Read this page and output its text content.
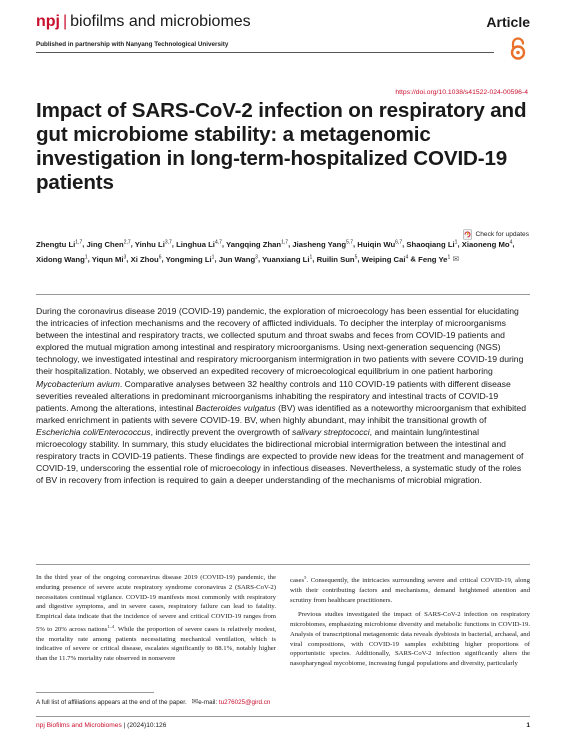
npj | biofilms and microbiomes	Article
Published in partnership with Nanyang Technological University
https://doi.org/10.1038/s41522-024-00596-4
Impact of SARS-CoV-2 infection on respiratory and gut microbiome stability: a metagenomic investigation in long-term-hospitalized COVID-19 patients
Check for updates
Zhengtu Li$^{1,7}$, Jing Chen$^{2,7}$, Yinhu Li$^{3,7}$, Linghua Li$^{4,7}$, Yangqing Zhan$^{1,7}$, Jiasheng Yang$^{5,7}$, Huiqin Wu$^{6,7}$, Shaoqiang Li$^1$, Xiaoneng Mo$^4$, Xidong Wang$^1$, Yiqun Mi$^3$, Xi Zhou$^6$, Yongming Li$^1$, Jun Wang$^3$, Yuanxiang Li$^1$, Ruilin Sun$^5$, Weiping Cai$^4$ & Feng Ye$^1$ ✉

During the coronavirus disease 2019 (COVID-19) pandemic, the exploration of microecology has been essential for elucidating the intricacies of infection mechanisms and the recovery of afflicted individuals. To decipher the interplay of microorganisms between the intestinal and respiratory tracts, we collected sputum and throat swabs and feces from COVID-19 patients and explored the mutual migration among intestinal and respiratory microorganisms. Using next-generation sequencing (NGS) technology, we investigated intestinal and respiratory microorganism intermigration in two patients with severe COVID-19 during their hospitalization. Notably, we observed an expedited recovery of microecological equilibrium in one patient harboring Mycobacterium avium. Comparative analyses between 32 healthy controls and 110 COVID-19 patients with different disease severities revealed alterations in predominant microorganisms inhabiting the respiratory and intestinal tracts of COVID-19 patients. Among the alterations, intestinal Bacteroides vulgatus (BV) was identified as a noteworthy microorganism that exhibited marked enrichment in patients with severe COVID-19. BV, when highly abundant, may inhibit the transitional growth of Escherichia coli/Enterococcus, indirectly prevent the overgrowth of salivary streptococci, and maintain lung/intestinal microecology stability. In summary, this study elucidates the bidirectional microbial intermigration between the intestinal and respiratory tracts in COVID-19 patients. These findings are expected to provide new ideas for the treatment and management of COVID-19, underscoring the essential role of microecology in infectious diseases. Nevertheless, a systematic study of the roles of BV in recovery from infection is required to gain a deeper understanding of the mechanisms of microbial migration.

In the third year of the ongoing coronavirus disease 2019 (COVID-19) pandemic, the enduring presence of severe acute respiratory syndrome coronavirus 2 (SARS-CoV-2) necessitates continual vigilance. COVID-19 manifests most commonly with respiratory and digestive symptoms, and in severe cases, respiratory failure can lead to fatality. Empirical data indicate that the incidence of severe and critical COVID-19 ranges from 5% to 20% across nations$^{1-4}$. While the proportion of severe cases is relatively modest, the mortality rate among patients necessitating mechanical ventilation, which is indicative of severe or critical disease, escalates significantly to 88.1%, notably higher than the 11.7% mortality rate observed in nonsevere

cases$^5$. Consequently, the intricacies surrounding severe and critical COVID-19, along with their contributing factors and mechanisms, demand heightened attention and scrutiny from healthcare practitioners.
Previous studies investigated the impact of SARS-CoV-2 infection on respiratory microbiomes, emphasizing microbiome diversity and metabolic functions in COVID-19. Analysis of transcriptional metagenomic data reveals dysbiosis in bacterial, archaeal, and viral compositions, with COVID-19 samples exhibiting higher proportions of opportunistic species. Additionally, SARS-CoV-2 infection significantly alters the nasopharyngeal mycobiome, increasing fungal populations and diversity, particularly
A full list of affiliations appears at the end of the paper. ✉e-mail: tu276025@gird.cn
npj Biofilms and Microbiomes | (2024)10:126	1
